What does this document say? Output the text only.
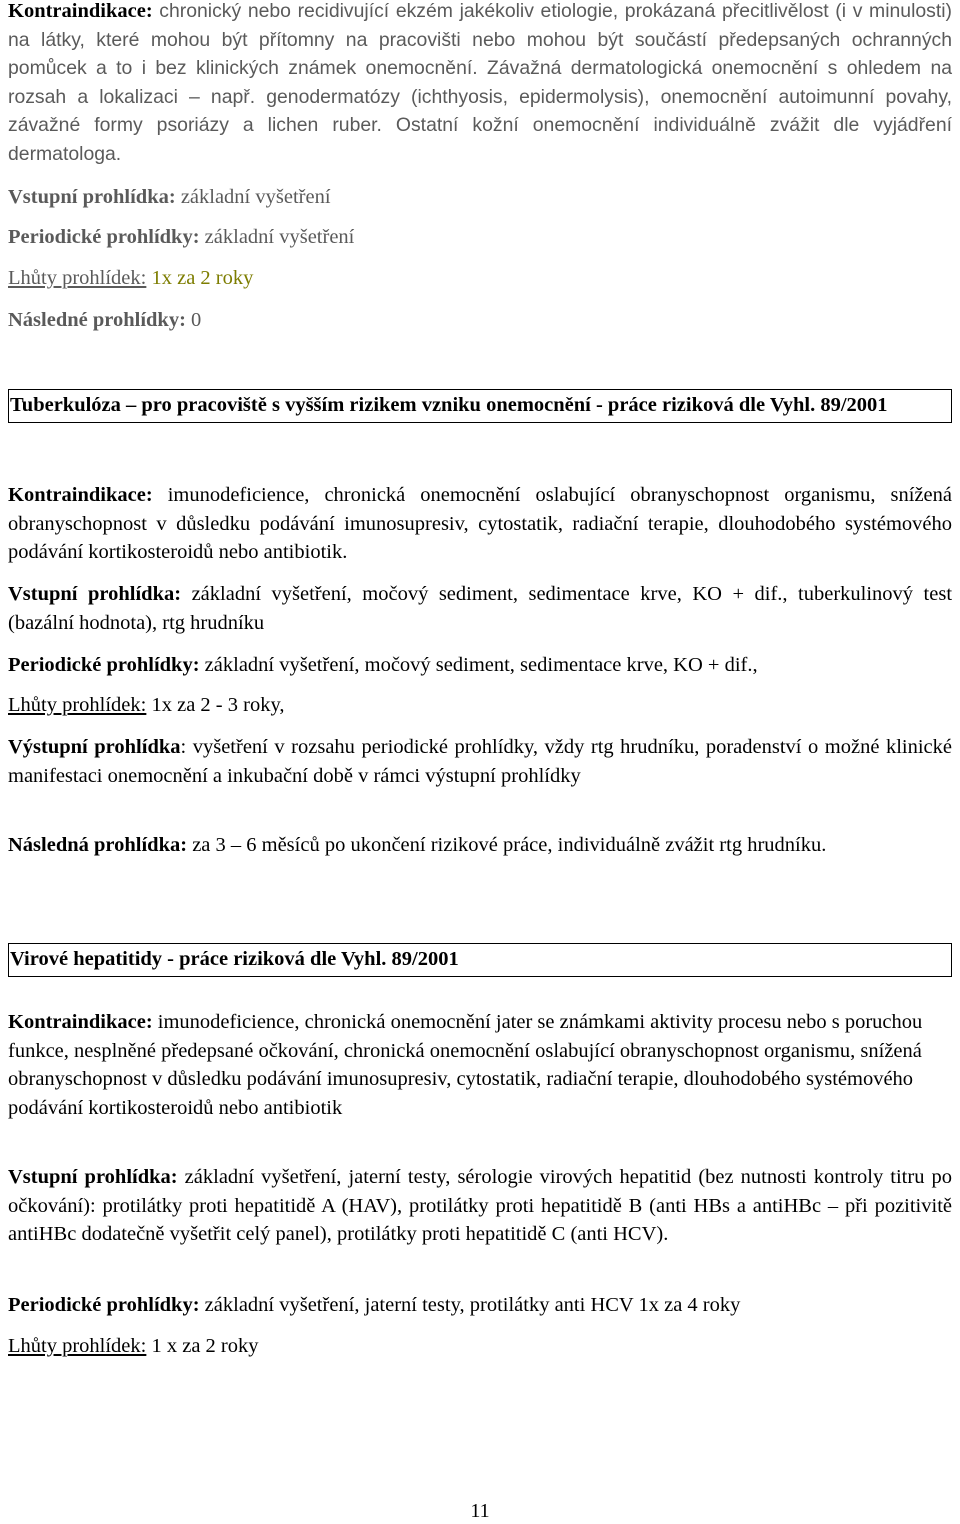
Kontraindikace: chronický nebo recidivující ekzém jakékoliv etiologie, prokázaná přecitlivělost (i v minulosti) na látky, které mohou být přítomny na pracovišti nebo mohou být součástí předepsaných ochranných pomůcek a to i bez klinických známek onemocnění. Závažná dermatologická onemocnění s ohledem na rozsah a lokalizaci – např. genodermatózy (ichthyosis, epidermolysis), onemocnění autoimunní povahy, závažné formy psoriázy a lichen ruber. Ostatní kožní onemocnění individuálně zvážit dle vyjádření dermatologa.

Vstupní prohlídka: základní vyšetření

Periodické prohlídky: základní vyšetření

Lhůty prohlídek: 1x za 2 roky

Následné prohlídky: 0

Tuberkulóza – pro pracoviště s vyšším rizikem vzniku onemocnění - práce riziková dle Vyhl. 89/2001

Kontraindikace: imunodeficience, chronická onemocnění oslabující obranyschopnost organismu, snížená obranyschopnost v důsledku podávání imunosupresiv, cytostatik, radiační terapie, dlouhodobého systémového podávání kortikosteroidů nebo antibiotik.

Vstupní prohlídka: základní vyšetření, močový sediment, sedimentace krve, KO + dif., tuberkulinový test (bazální hodnota), rtg hrudníku

Periodické prohlídky: základní vyšetření, močový sediment, sedimentace krve, KO + dif.,

Lhůty prohlídek: 1x za 2 - 3 roky,

Výstupní prohlídka: vyšetření v rozsahu periodické prohlídky, vždy rtg hrudníku, poradenství o možné klinické manifestaci onemocnění a inkubační době v rámci výstupní prohlídky

Následná prohlídka: za 3 – 6 měsíců po ukončení rizikové práce, individuálně zvážit rtg hrudníku.

Virové hepatitidy - práce riziková dle Vyhl. 89/2001

Kontraindikace: imunodeficience, chronická onemocnění jater se známkami aktivity procesu nebo s poruchou funkce, nesplněné předepsané očkování, chronická onemocnění oslabující obranyschopnost organismu, snížená obranyschopnost v důsledku podávání imunosupresiv, cytostatik, radiační terapie, dlouhodobého systémového podávání kortikosteroidů nebo antibiotik

Vstupní prohlídka: základní vyšetření, jaterní testy, sérologie virových hepatitid (bez nutnosti kontroly titru po očkování): protilátky proti hepatitidě A (HAV), protilátky proti hepatitidě B (anti HBs a antiHBc – při pozitivitě antiHBc dodatečně vyšetřit celý panel), protilátky proti hepatitidě C (anti HCV).

Periodické prohlídky: základní vyšetření, jaterní testy, protilátky anti HCV 1x za 4 roky

Lhůty prohlídek: 1 x za 2 roky

11
